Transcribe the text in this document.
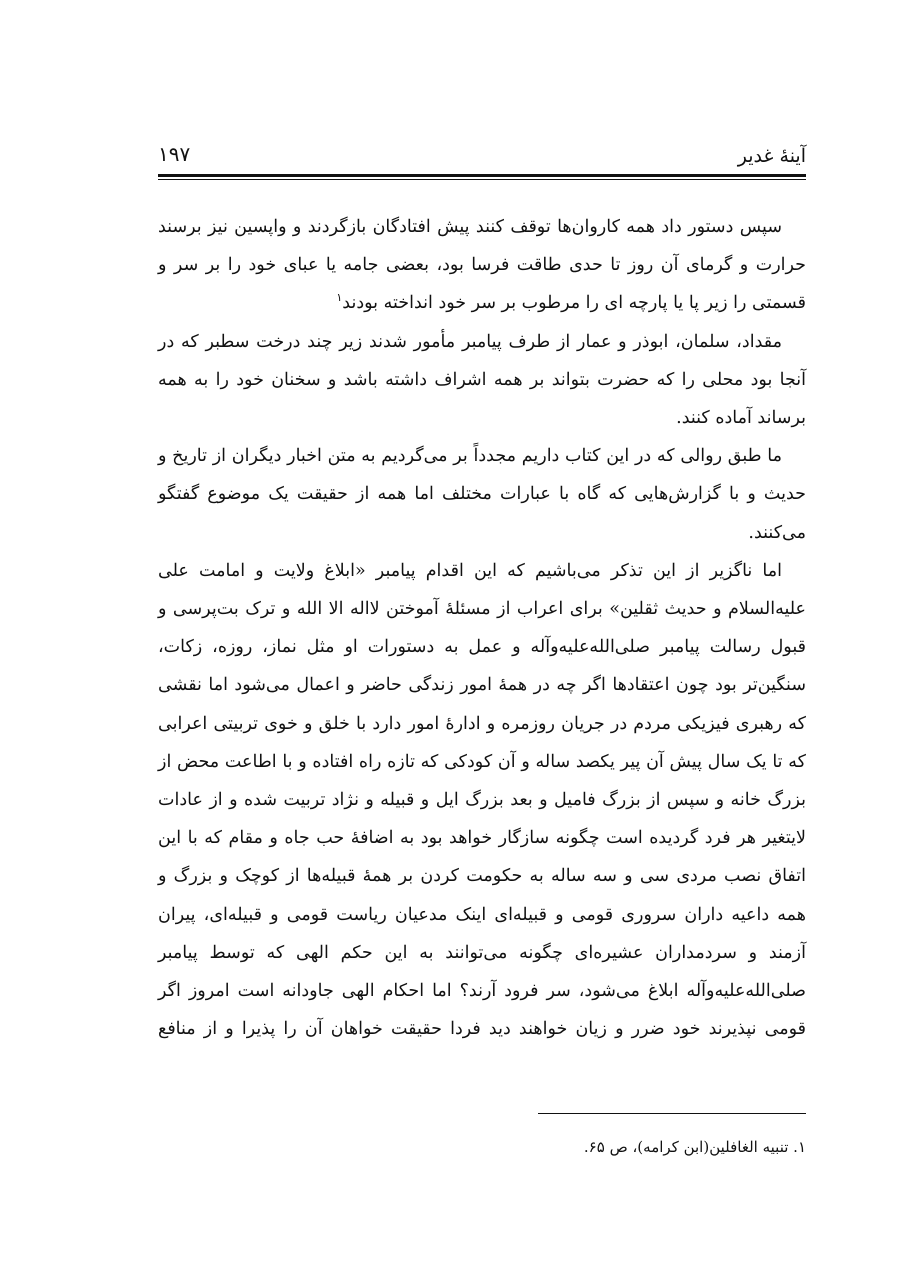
آينهٔ غدير
۱۹۷

سپس دستور داد همه كاروان‌ها توقف كنند پيش افتادگان بازگردند و واپسين نيز برسند حرارت و گرماى آن روز تا حدى طاقت فرسا بود، بعضى جامه يا عباى خود را بر سر و قسمتى را زير پا يا پارچه اى را مرطوب بر سر خود انداخته بودند$^۱$

مقداد، سلمان، ابوذر و عمار از طرف پيامبر مأمور شدند زير چند درخت سطبر كه در آنجا بود محلى را كه حضرت بتواند بر همه اشراف داشته باشد و سخنان خود را به همه برساند آماده كنند.

ما طبق روالى كه در اين كتاب داريم مجدداً بر مى‌گرديم به متن اخبار ديگران از تاريخ و حديث و با گزارش‌هايى كه گاه با عبارات مختلف اما همه از حقيقت يک موضوع گفتگو مى‌كنند.

اما ناگزير از اين تذكر مى‌باشيم كه اين اقدام پيامبر «ابلاغ ولايت و امامت على عليه‌السلام و حديث ثقلين» براى اعراب از مسئلهٔ آموختن لااله الا الله و ترک بت‌پرسى و قبول رسالت پيامبر صلى‌الله‌عليه‌وآله و عمل به دستورات او مثل نماز، روزه، زكات، سنگين‌تر بود چون اعتقادها اگر چه در همهٔ امور زندگى حاضر و اعمال مى‌شود اما نقشى كه رهبرى فيزيكى مردم در جريان روزمره و ادارهٔ امور دارد با خلق و خوى تربيتى اعرابى كه تا يک سال پيش آن پير يكصد ساله و آن كودكى كه تازه راه افتاده و با اطاعت محض از بزرگ خانه و سپس از بزرگ فاميل و بعد بزرگ ايل و قبيله و نژاد تربيت شده و از عادات لايتغير هر فرد گرديده است چگونه سازگار خواهد بود به اضافهٔ حب جاه و مقام كه با اين اتفاق نصب مردى سى و سه ساله به حكومت كردن بر همهٔ قبيله‌ها از كوچک و بزرگ و همه داعيه داران سرورى قومى و قبيله‌اى اينک مدعيان رياست قومى و قبيله‌اى، پيران آزمند و سردمداران عشيره‌اى چگونه مى‌توانند به اين حكم الهى كه توسط پيامبر صلى‌الله‌عليه‌وآله ابلاغ مى‌شود، سر فرود آرند؟ اما احكام الهى جاودانه است امروز اگر قومى نپذيرند خود ضرر و زيان خواهند ديد فردا حقيقت خواهان آن را پذيرا و از منافع

۱. تنبيه الغافلين(ابن كرامه)، ص ۶۵.
